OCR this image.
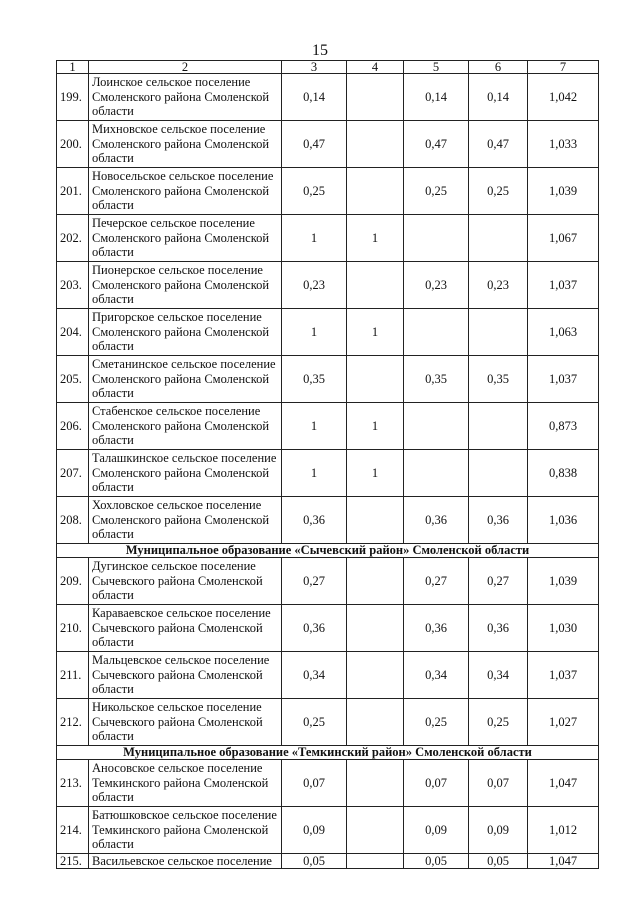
15
1	2	3	4	5	6	7
199.	Лоинское сельское поселение Смоленского района Смоленской области	0,14		0,14	0,14	1,042
200.	Михновское сельское поселение Смоленского района Смоленской области	0,47		0,47	0,47	1,033
201.	Новосельское сельское поселение Смоленского района Смоленской области	0,25		0,25	0,25	1,039
202.	Печерское сельское поселение Смоленского района Смоленской области	1	1			1,067
203.	Пионерское сельское поселение Смоленского района Смоленской области	0,23		0,23	0,23	1,037
204.	Пригорское сельское поселение Смоленского района Смоленской области	1	1			1,063
205.	Сметанинское сельское поселение Смоленского района Смоленской области	0,35		0,35	0,35	1,037
206.	Стабенское сельское поселение Смоленского района Смоленской области	1	1			0,873
207.	Талашкинское сельское поселение Смоленского района Смоленской области	1	1			0,838
208.	Хохловское сельское поселение Смоленского района Смоленской области	0,36		0,36	0,36	1,036
Муниципальное образование «Сычевский район» Смоленской области						
209.	Дугинское сельское поселение Сычевского района Смоленской области	0,27		0,27	0,27	1,039
210.	Караваевское сельское поселение Сычевского района Смоленской области	0,36		0,36	0,36	1,030
211.	Мальцевское сельское поселение Сычевского района Смоленской области	0,34		0,34	0,34	1,037
212.	Никольское сельское поселение Сычевского района Смоленской области	0,25		0,25	0,25	1,027
Муниципальное образование «Темкинский район» Смоленской области						
213.	Аносовское сельское поселение Темкинского района Смоленской области	0,07		0,07	0,07	1,047
214.	Батюшковское сельское поселение Темкинского района Смоленской области	0,09		0,09	0,09	1,012
215.	Васильевское сельское поселение	0,05		0,05	0,05	1,047
